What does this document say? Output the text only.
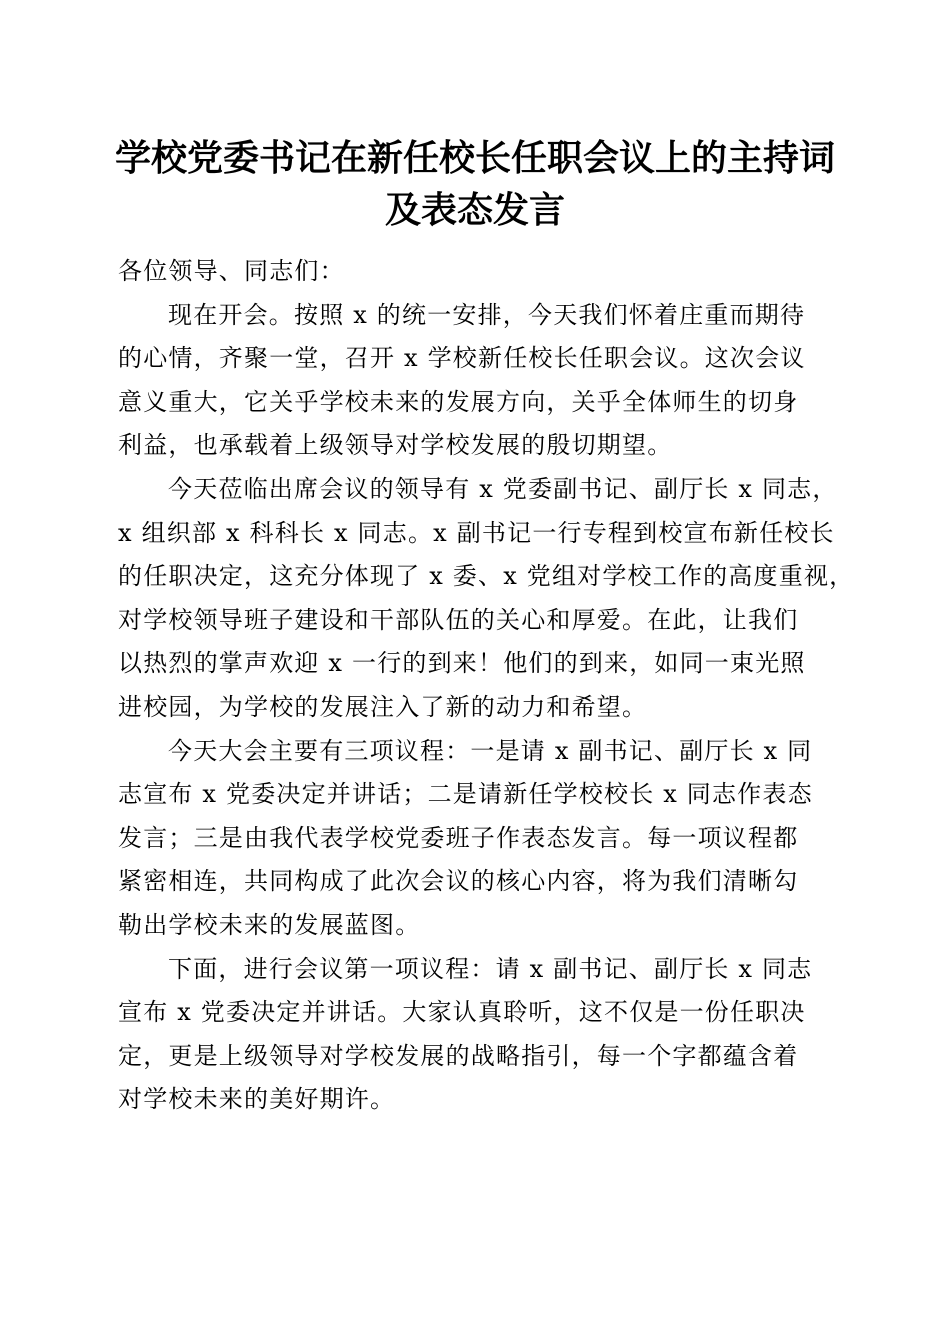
学校党委书记在新任校长任职会议上的主持词
及表态发言

各位领导、同志们：

现在开会。按照 x 的统一安排，今天我们怀着庄重而期待
的心情，齐聚一堂，召开 x 学校新任校长任职会议。这次会议
意义重大，它关乎学校未来的发展方向，关乎全体师生的切身
利益，也承载着上级领导对学校发展的殷切期望。
今天莅临出席会议的领导有 x 党委副书记、副厅长 x 同志，
x 组织部 x 科科长 x 同志。x 副书记一行专程到校宣布新任校长
的任职决定，这充分体现了 x 委、x 党组对学校工作的高度重视，
对学校领导班子建设和干部队伍的关心和厚爱。在此，让我们
以热烈的掌声欢迎 x 一行的到来！他们的到来，如同一束光照
进校园，为学校的发展注入了新的动力和希望。
今天大会主要有三项议程：一是请 x 副书记、副厅长 x 同
志宣布 x 党委决定并讲话；二是请新任学校校长 x 同志作表态
发言；三是由我代表学校党委班子作表态发言。每一项议程都
紧密相连，共同构成了此次会议的核心内容，将为我们清晰勾
勒出学校未来的发展蓝图。
下面，进行会议第一项议程：请 x 副书记、副厅长 x 同志
宣布 x 党委决定并讲话。大家认真聆听，这不仅是一份任职决
定，更是上级领导对学校发展的战略指引，每一个字都蕴含着
对学校未来的美好期许。
